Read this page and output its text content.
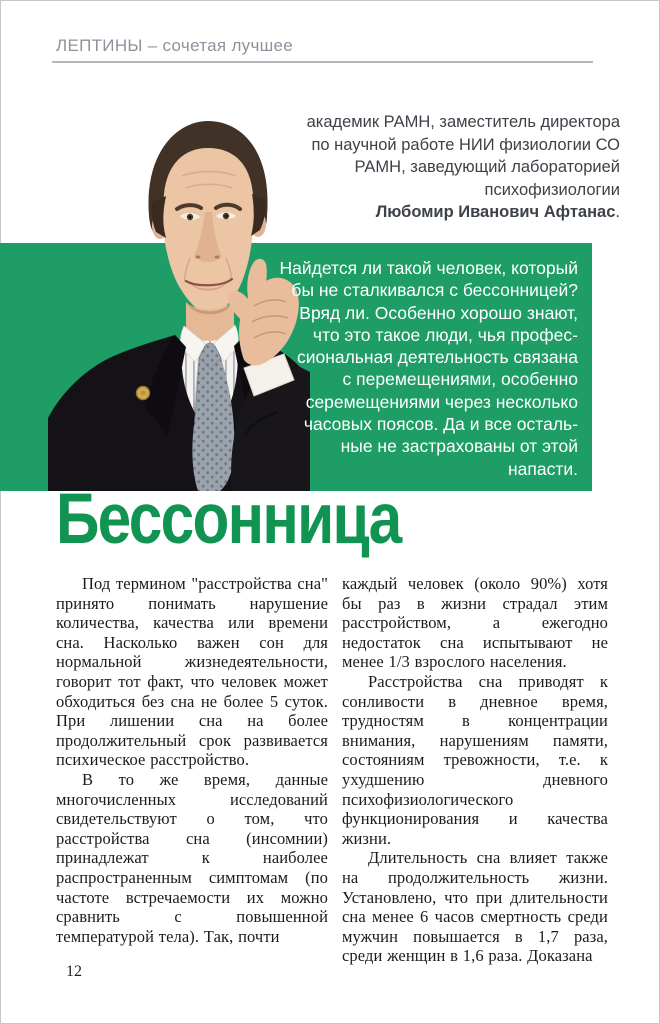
ЛЕПТИНЫ – сочетая лучшее
академик РАМН, заместитель директора
по научной работе НИИ физиологии СО
РАМН, заведующий лабораторией
психофизиологии
Любомир Иванович Афтанас.
Найдется ли такой человек, который
бы не сталкивался с бессонницей?
Вряд ли. Особенно хорошо знают,
что это такое люди, чья профес-
сиональная деятельность связана
с перемещениями, особенно
серемещениями через несколько
часовых поясов. Да и все осталь-
ные не застрахованы от этой
напасти.
Бессонница

Под термином "расстройства сна" принято понимать нарушение количества, качества или времени сна. Насколько важен сон для нормальной жизнедеятельности, говорит тот факт, что человек может обходиться без сна не более 5 суток. При лишении сна на более продолжительный срок развивается психическое расстройство.

В то же время, данные многочисленных исследований свидетельствуют о том, что расстройства сна (инсомнии) принадлежат к наиболее распространенным симптомам (по частоте встречаемости их можно сравнить с повышенной температурой тела). Так, почти

каждый человек (около 90%) хотя бы раз в жизни страдал этим расстройством, а ежегодно недостаток сна испытывают не менее 1/3 взрослого населения.

Расстройства сна приводят к сонливости в дневное время, трудностям в концентрации внимания, нарушениям памяти, состояниям тревожности, т.е. к ухудшению дневного психофизиологического функционирования и качества жизни.

Длительность сна влияет также на продолжительность жизни. Установлено, что при длительности сна менее 6 часов смертность среди мужчин повышается в 1,7 раза, среди женщин в 1,6 раза. Доказана

12
